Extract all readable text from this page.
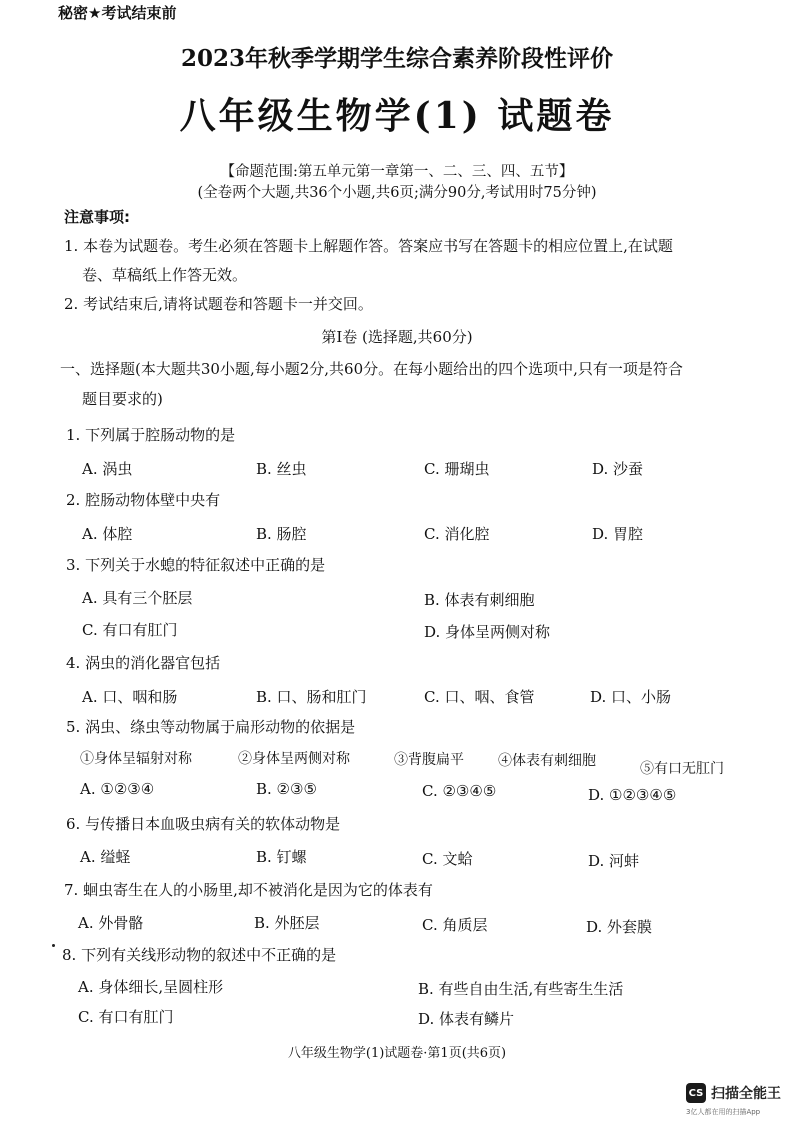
秘密★考试结束前
2023年秋季学期学生综合素养阶段性评价
八年级生物学(1) 试题卷
【命题范围:第五单元第一章第一、二、三、四、五节】
(全卷两个大题,共36个小题,共6页;满分90分,考试用时75分钟)
注意事项:
1. 本卷为试题卷。考生必须在答题卡上解题作答。答案应书写在答题卡的相应位置上,在试题
卷、草稿纸上作答无效。
2. 考试结束后,请将试题卷和答题卡一并交回。
第Ⅰ卷 (选择题,共60分)
一、选择题(本大题共30小题,每小题2分,共60分。在每小题给出的四个选项中,只有一项是符合
题目要求的)
1. 下列属于腔肠动物的是
A. 涡虫	B. 丝虫	C. 珊瑚虫	D. 沙蚕
2. 腔肠动物体壁中央有
A. 体腔	B. 肠腔	C. 消化腔	D. 胃腔
3. 下列关于水螅的特征叙述中正确的是
A. 具有三个胚层	B. 体表有刺细胞
C. 有口有肛门	D. 身体呈两侧对称
4. 涡虫的消化器官包括
A. 口、咽和肠	B. 口、肠和肛门	C. 口、咽、食管	D. 口、小肠
5. 涡虫、绦虫等动物属于扁形动物的依据是
①身体呈辐射对称	②身体呈两侧对称	③背腹扁平 ④体表有刺细胞	⑤有口无肛门
A. ①②③④	B. ②③⑤	C. ②③④⑤	D. ①②③④⑤
6. 与传播日本血吸虫病有关的软体动物是
A. 缢蛏	B. 钉螺	C. 文蛤	D. 河蚌
7. 蛔虫寄生在人的小肠里,却不被消化是因为它的体表有
A. 外骨骼	B. 外胚层	C. 角质层	D. 外套膜
8. 下列有关线形动物的叙述中不正确的是
A. 身体细长,呈圆柱形	B. 有些自由生活,有些寄生生活
C. 有口有肛门	D. 体表有鳞片
八年级生物学(1)试题卷·第1页(共6页)
CS 扫描全能王
3亿人都在用的扫描App
